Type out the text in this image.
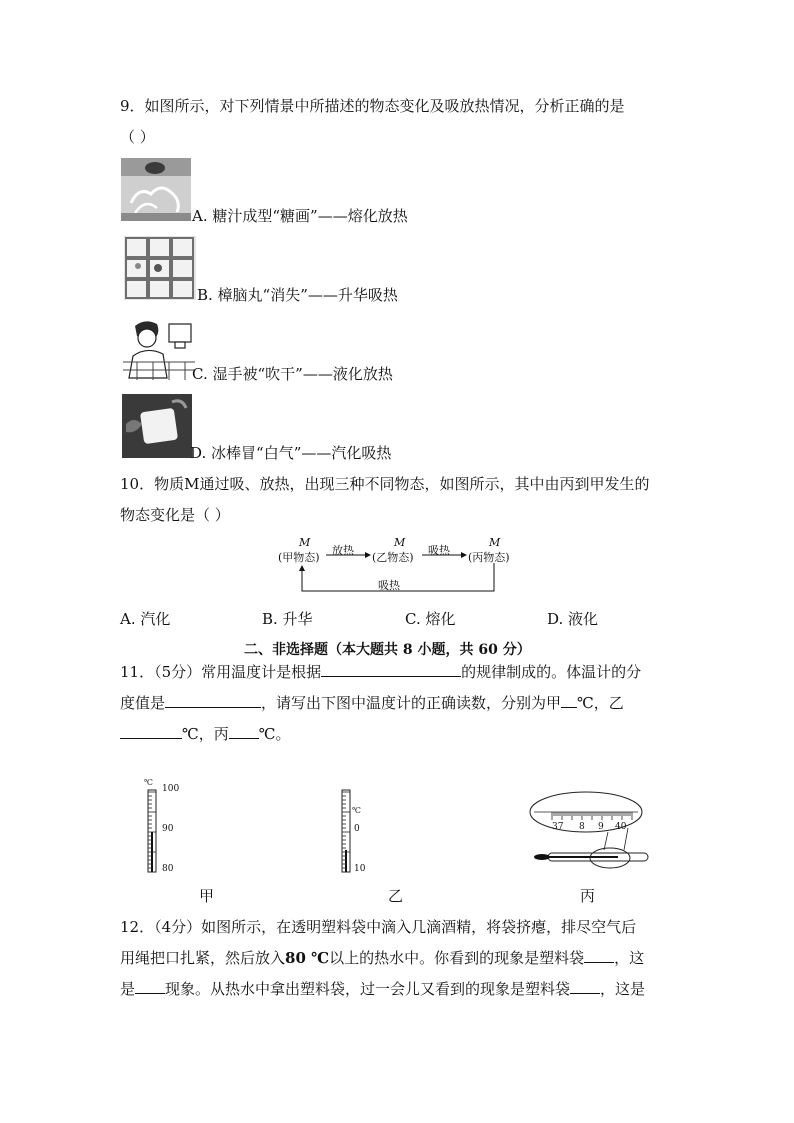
9．如图所示，对下列情景中所描述的物态变化及吸放热情况，分析正确的是
（ ）
A. 糖汁成型“糖画”——熔化放热
B. 樟脑丸“消失”——升华吸热
C. 湿手被“吹干”——液化放热
D. 冰棒冒“白气”——汽化吸热
10．物质M通过吸、放热，出现三种不同物态，如图所示，其中由丙到甲发生的
物态变化是（ ）
M	M	M
(甲物态)	(乙物态)	(丙物态)
放热	吸热
吸热
A. 汽化	B. 升华	C. 熔化	D. 液化
二、非选择题（本大题共 8 小题，共 60 分）
11．（5分）常用温度计是根据	的规律制成的。体温计的分
度值是	，请写出下图中温度计的正确读数，分别为甲 ℃，乙
℃，丙 ℃。
℃
100
90
80
甲
℃
0
10
乙
37 8 9 40
丙
12．（4分）如图所示，在透明塑料袋中滴入几滴酒精，将袋挤瘪，排尽空气后
用绳把口扎紧，然后放入80 ℃以上的热水中。你看到的现象是塑料袋 ，这
是 现象。从热水中拿出塑料袋，过一会儿又看到的现象是塑料袋 ，这是
